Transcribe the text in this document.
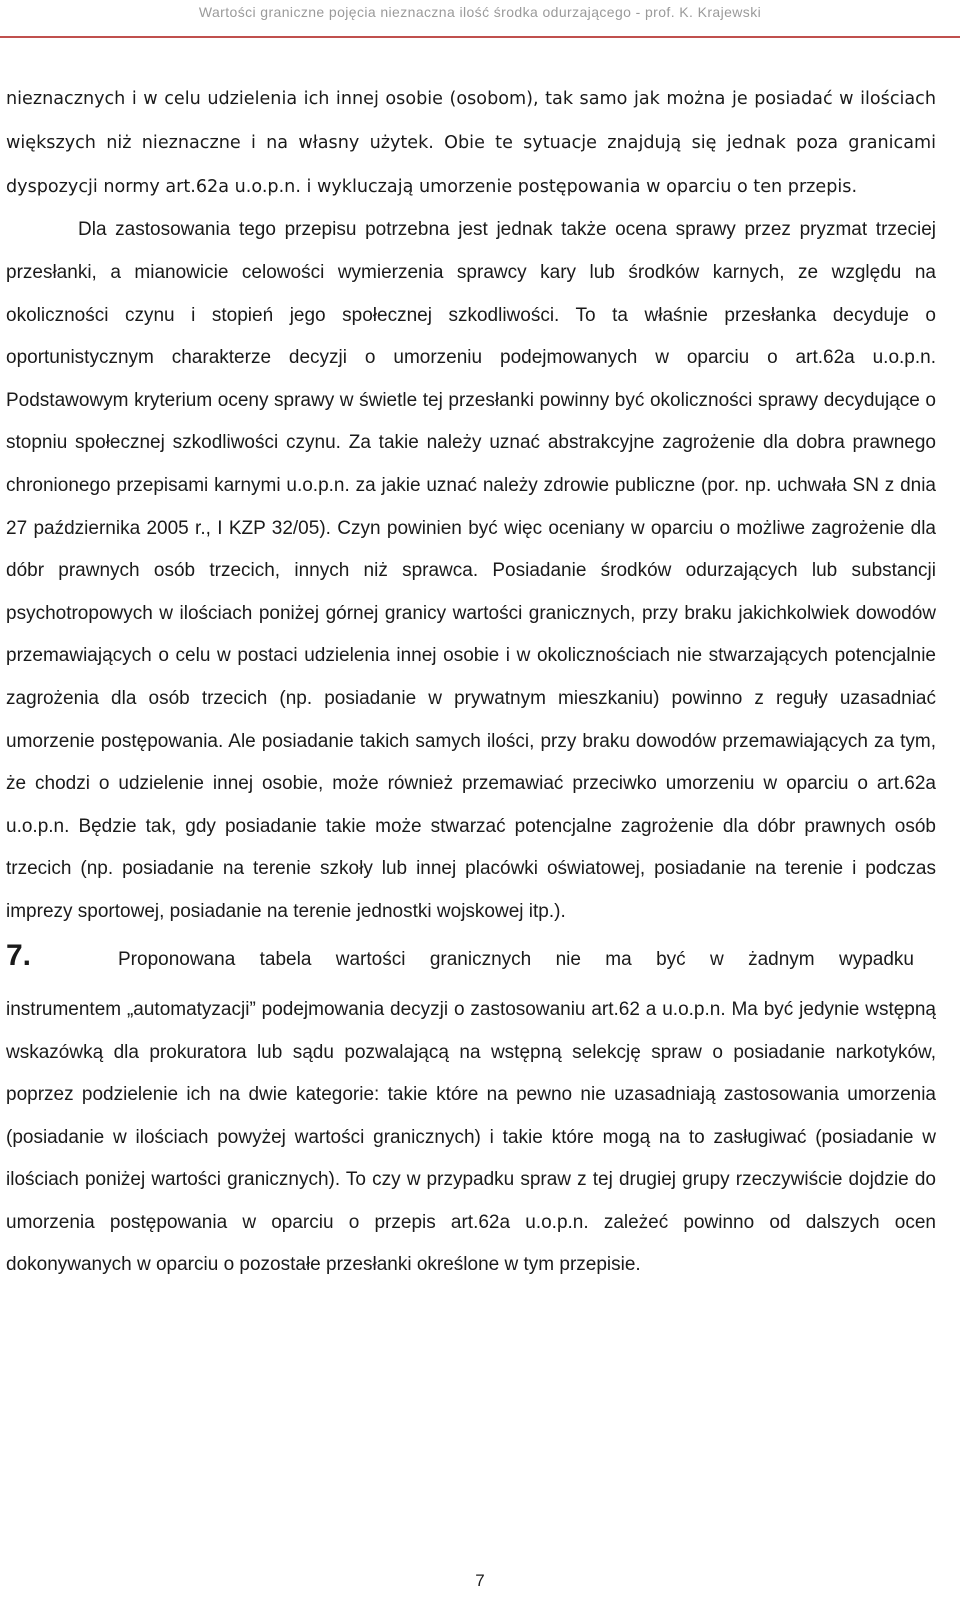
Wartości graniczne pojęcia nieznaczna ilość środka odurzającego - prof. K. Krajewski

nieznacznych i w celu udzielenia ich innej osobie (osobom), tak samo jak można je posiadać w ilościach większych niż nieznaczne i na własny użytek. Obie te sytuacje znajdują się jednak poza granicami dyspozycji normy art.62a u.o.p.n. i wykluczają umorzenie postępowania w oparciu o ten przepis.

Dla zastosowania tego przepisu potrzebna jest jednak także ocena sprawy przez pryzmat trzeciej przesłanki, a mianowicie celowości wymierzenia sprawcy kary lub środków karnych, ze względu na okoliczności czynu i stopień jego społecznej szkodliwości. To ta właśnie przesłanka decyduje o oportunistycznym charakterze decyzji o umorzeniu podejmowanych w oparciu o art.62a u.o.p.n. Podstawowym kryterium oceny sprawy w świetle tej przesłanki powinny być okoliczności sprawy decydujące o stopniu społecznej szkodliwości czynu. Za takie należy uznać abstrakcyjne zagrożenie dla dobra prawnego chronionego przepisami karnymi u.o.p.n. za jakie uznać należy zdrowie publiczne (por. np. uchwała SN z dnia 27 października 2005 r., I KZP 32/05). Czyn powinien być więc oceniany w oparciu o możliwe zagrożenie dla dóbr prawnych osób trzecich, innych niż sprawca. Posiadanie środków odurzających lub substancji psychotropowych w ilościach poniżej górnej granicy wartości granicznych, przy braku jakichkolwiek dowodów przemawiających o celu w postaci udzielenia innej osobie i w okolicznościach nie stwarzających potencjalnie zagrożenia dla osób trzecich (np. posiadanie w prywatnym mieszkaniu) powinno z reguły uzasadniać umorzenie postępowania. Ale posiadanie takich samych ilości, przy braku dowodów przemawiających za tym, że chodzi o udzielenie innej osobie, może również przemawiać przeciwko umorzeniu w oparciu o art.62a u.o.p.n. Będzie tak, gdy posiadanie takie może stwarzać potencjalne zagrożenie dla dóbr prawnych osób trzecich (np. posiadanie na terenie szkoły lub innej placówki oświatowej, posiadanie na terenie i podczas imprezy sportowej, posiadanie na terenie jednostki wojskowej itp.).

7.	Proponowana tabela wartości granicznych nie ma być w żadnym wypadku

instrumentem „automatyzacji” podejmowania decyzji o zastosowaniu art.62 a u.o.p.n. Ma być jedynie wstępną wskazówką dla prokuratora lub sądu pozwalającą na wstępną selekcję spraw o posiadanie narkotyków, poprzez podzielenie ich na dwie kategorie: takie które na pewno nie uzasadniają zastosowania umorzenia (posiadanie w ilościach powyżej wartości granicznych) i takie które mogą na to zasługiwać (posiadanie w ilościach poniżej wartości granicznych). To czy w przypadku spraw z tej drugiej grupy rzeczywiście dojdzie do umorzenia postępowania w oparciu o przepis art.62a u.o.p.n. zależeć powinno od dalszych ocen dokonywanych w oparciu o pozostałe przesłanki określone w tym przepisie.

7
